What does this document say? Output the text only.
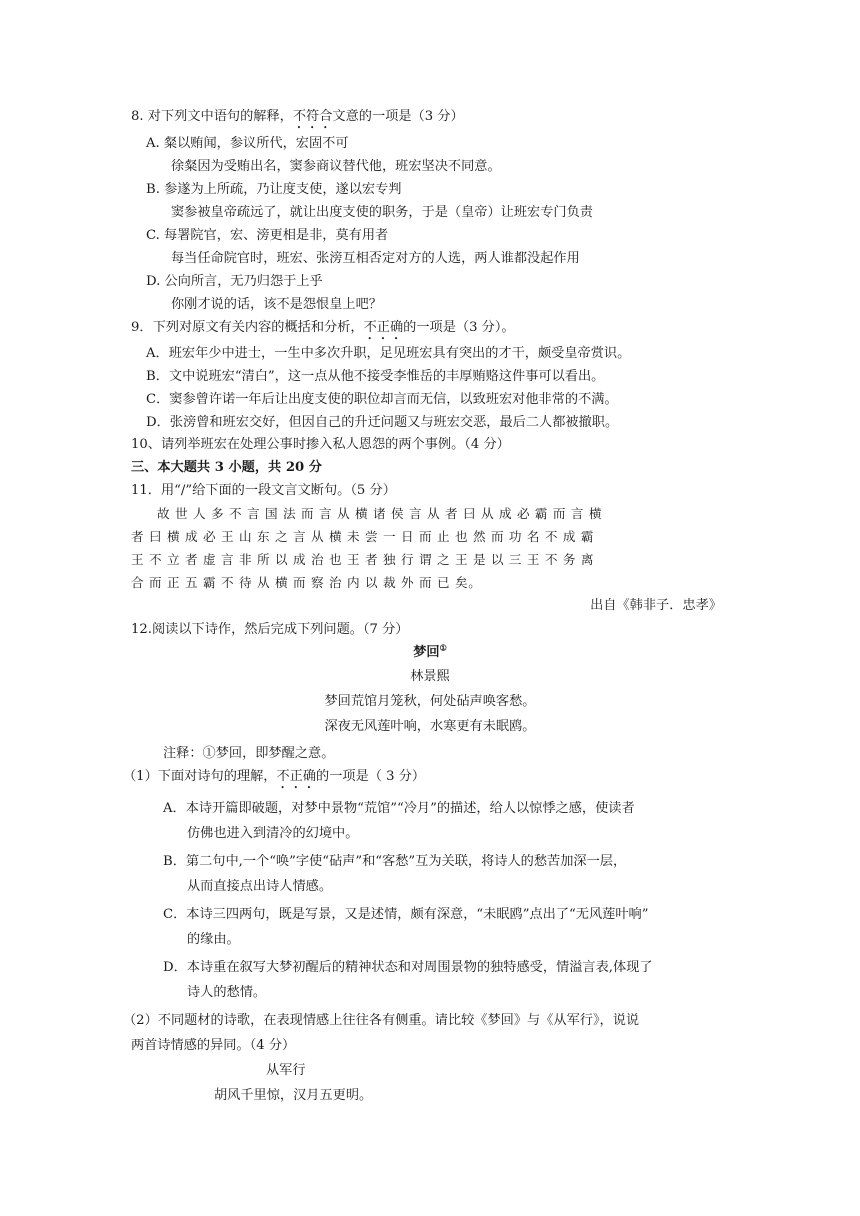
8. 对下列文中语句的解释，不符合文意的一项是（3 分）
A. 粲以贿闻，参议所代，宏固不可
徐粲因为受贿出名，窦参商议替代他，班宏坚决不同意。
B. 参遂为上所疏，乃让度支使，遂以宏专判
窦参被皇帝疏远了，就让出度支使的职务，于是（皇帝）让班宏专门负责
C. 每署院官，宏、滂更相是非，莫有用者
每当任命院官时，班宏、张滂互相否定对方的人选，两人谁都没起作用
D. 公向所言，无乃归怨于上乎
你刚才说的话，该不是怨恨皇上吧？
9．下列对原文有关内容的概括和分析，不正确的一项是（3 分）。
A．班宏年少中进士，一生中多次升职，足见班宏具有突出的才干，颇受皇帝赏识。
B．文中说班宏“清白”，这一点从他不接受李惟岳的丰厚贿赂这件事可以看出。
C．窦参曾许诺一年后让出度支使的职位却言而无信，以致班宏对他非常的不满。
D．张滂曾和班宏交好，但因自己的升迁问题又与班宏交恶，最后二人都被撤职。
10、请列举班宏在处理公事时掺入私人恩怨的两个事例。（4 分）
三、本大题共 3 小题，共 20 分
11．用“/”给下面的一段文言文断句。（5 分）
故 世 人 多 不 言 国 法 而 言 从 横 诸 侯 言 从 者 曰 从 成 必 霸 而 言 横
者 曰 横 成 必 王 山 东 之 言 从 横 未 尝 一 日 而 止 也 然 而 功 名 不 成 霸
王 不 立 者 虚 言 非 所 以 成 治 也 王 者 独 行 谓 之 王 是 以 三 王 不 务 离
合 而 正 五 霸 不 待 从 横 而 察 治 内 以 裁 外 而 已 矣。
出自《韩非子．忠孝》
12.阅读以下诗作，然后完成下列问题。（7 分）
梦回①
林景熙
梦回荒馆月笼秋，何处砧声唤客愁。
深夜无风莲叶响，水寒更有未眠鸥。
注释：①梦回，即梦醒之意。
（1）下面对诗句的理解，不正确的一项是（ 3 分）
A．本诗开篇即破题，对梦中景物“荒馆”“冷月”的描述，给人以惊悸之感，使读者
仿佛也进入到清冷的幻境中。
B．第二句中,一个“唤”字使“砧声”和“客愁”互为关联，将诗人的愁苦加深一层，
从而直接点出诗人情感。
C．本诗三四两句，既是写景，又是述情，颇有深意，“未眠鸥”点出了“无风莲叶响”
的缘由。
D．本诗重在叙写大梦初醒后的精神状态和对周围景物的独特感受，情溢言表,体现了
诗人的愁情。
（2）不同题材的诗歌，在表现情感上往往各有侧重。请比较《梦回》与《从军行》，说说
两首诗情感的异同。（4 分）
从军行
胡风千里惊，汉月五更明。
